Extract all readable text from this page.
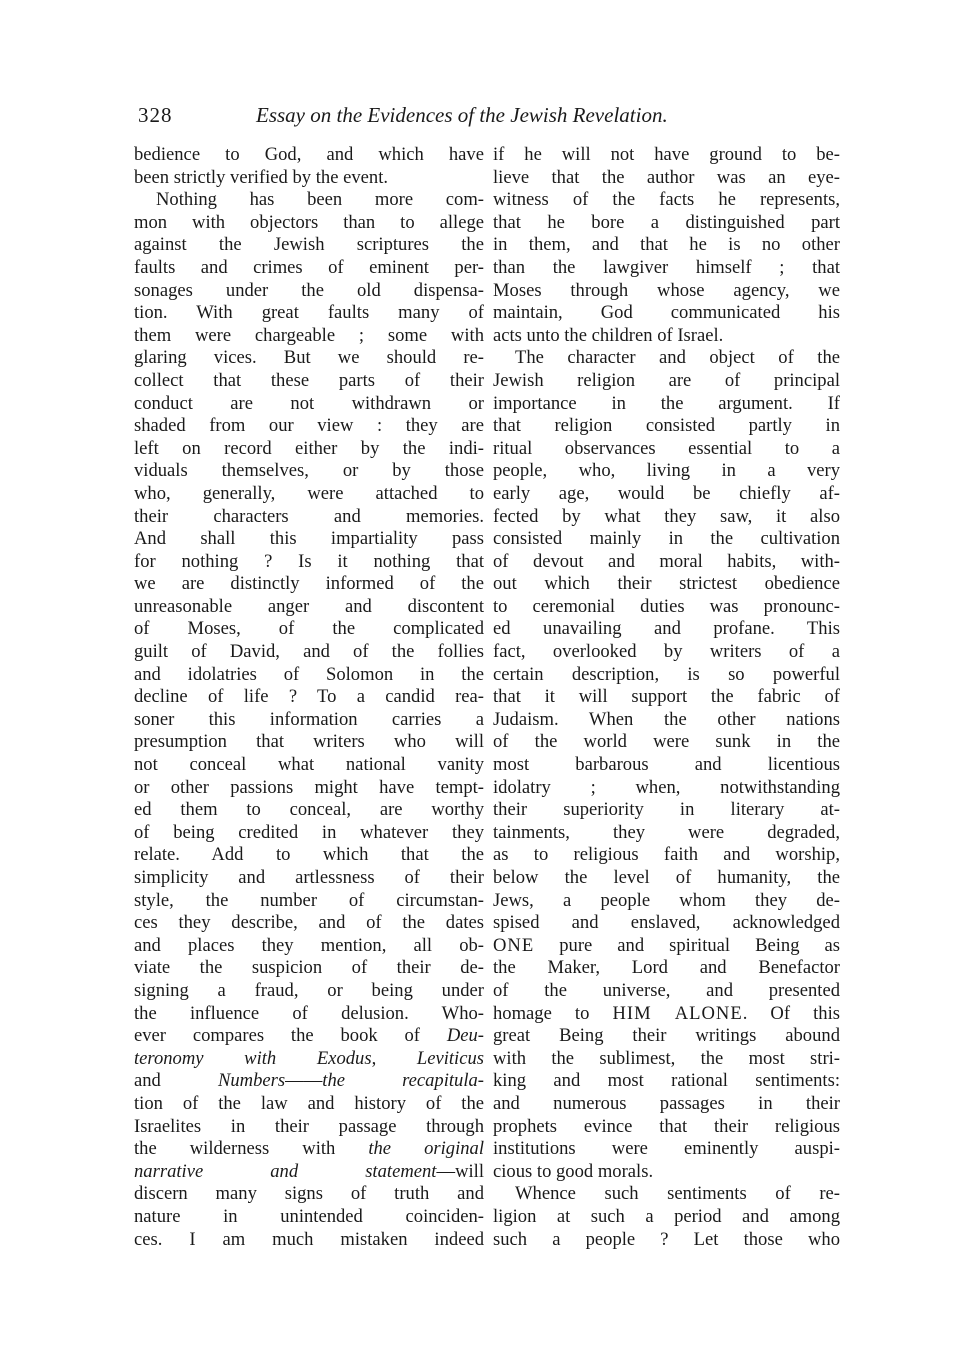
328	Essay on the Evidences of the Jewish Revelation.
bedience to God, and which have
been strictly verified by the event.
Nothing has been more com-
mon with objectors than to allege
against the Jewish scriptures the
faults and crimes of eminent per-
sonages under the old dispensa-
tion. With great faults many of
them were chargeable ; some with
glaring vices. But we should re-
collect that these parts of their
conduct are not withdrawn or
shaded from our view : they are
left on record either by the indi-
viduals themselves, or by those
who, generally, were attached to
their characters and memories.
And shall this impartiality pass
for nothing ? Is it nothing that
we are distinctly informed of the
unreasonable anger and discontent
of Moses, of the complicated
guilt of David, and of the follies
and idolatries of Solomon in the
decline of life ? To a candid rea-
soner this information carries a
presumption that writers who will
not conceal what national vanity
or other passions might have tempt-
ed them to conceal, are worthy
of being credited in whatever they
relate. Add to which that the
simplicity and artlessness of their
style, the number of circumstan-
ces they describe, and of the dates
and places they mention, all ob-
viate the suspicion of their de-
signing a fraud, or being under
the influence of delusion. Who-
ever compares the book of Deu-
teronomy with Exodus, Leviticus
and Numbers——the recapitula-
tion of the law and history of the
Israelites in their passage through
the wilderness with the original
narrative and statement—will
discern many signs of truth and
nature in unintended coinciden-
ces. I am much mistaken indeed
if he will not have ground to be-
lieve that the author was an eye-
witness of the facts he represents,
that he bore a distinguished part
in them, and that he is no other
than the lawgiver himself ; that
Moses through whose agency, we
maintain, God communicated his
acts unto the children of Israel.
The character and object of the
Jewish religion are of principal
importance in the argument. If
that religion consisted partly in
ritual observances essential to a
people, who, living in a very
early age, would be chiefly af-
fected by what they saw, it also
consisted mainly in the cultivation
of devout and moral habits, with-
out which their strictest obedience
to ceremonial duties was pronounc-
ed unavailing and profane. This
fact, overlooked by writers of a
certain description, is so powerful
that it will support the fabric of
Judaism. When the other nations
of the world were sunk in the
most barbarous and licentious
idolatry ; when, notwithstanding
their superiority in literary at-
tainments, they were degraded,
as to religious faith and worship,
below the level of humanity, the
Jews, a people whom they de-
spised and enslaved, acknowledged
ONE pure and spiritual Being as
the Maker, Lord and Benefactor
of the universe, and presented
homage to HIM ALONE. Of this
great Being their writings abound
with the sublimest, the most stri-
king and most rational sentiments:
and numerous passages in their
prophets evince that their religious
institutions were eminently auspi-
cious to good morals.
Whence such sentiments of re-
ligion at such a period and among
such a people ? Let those who
